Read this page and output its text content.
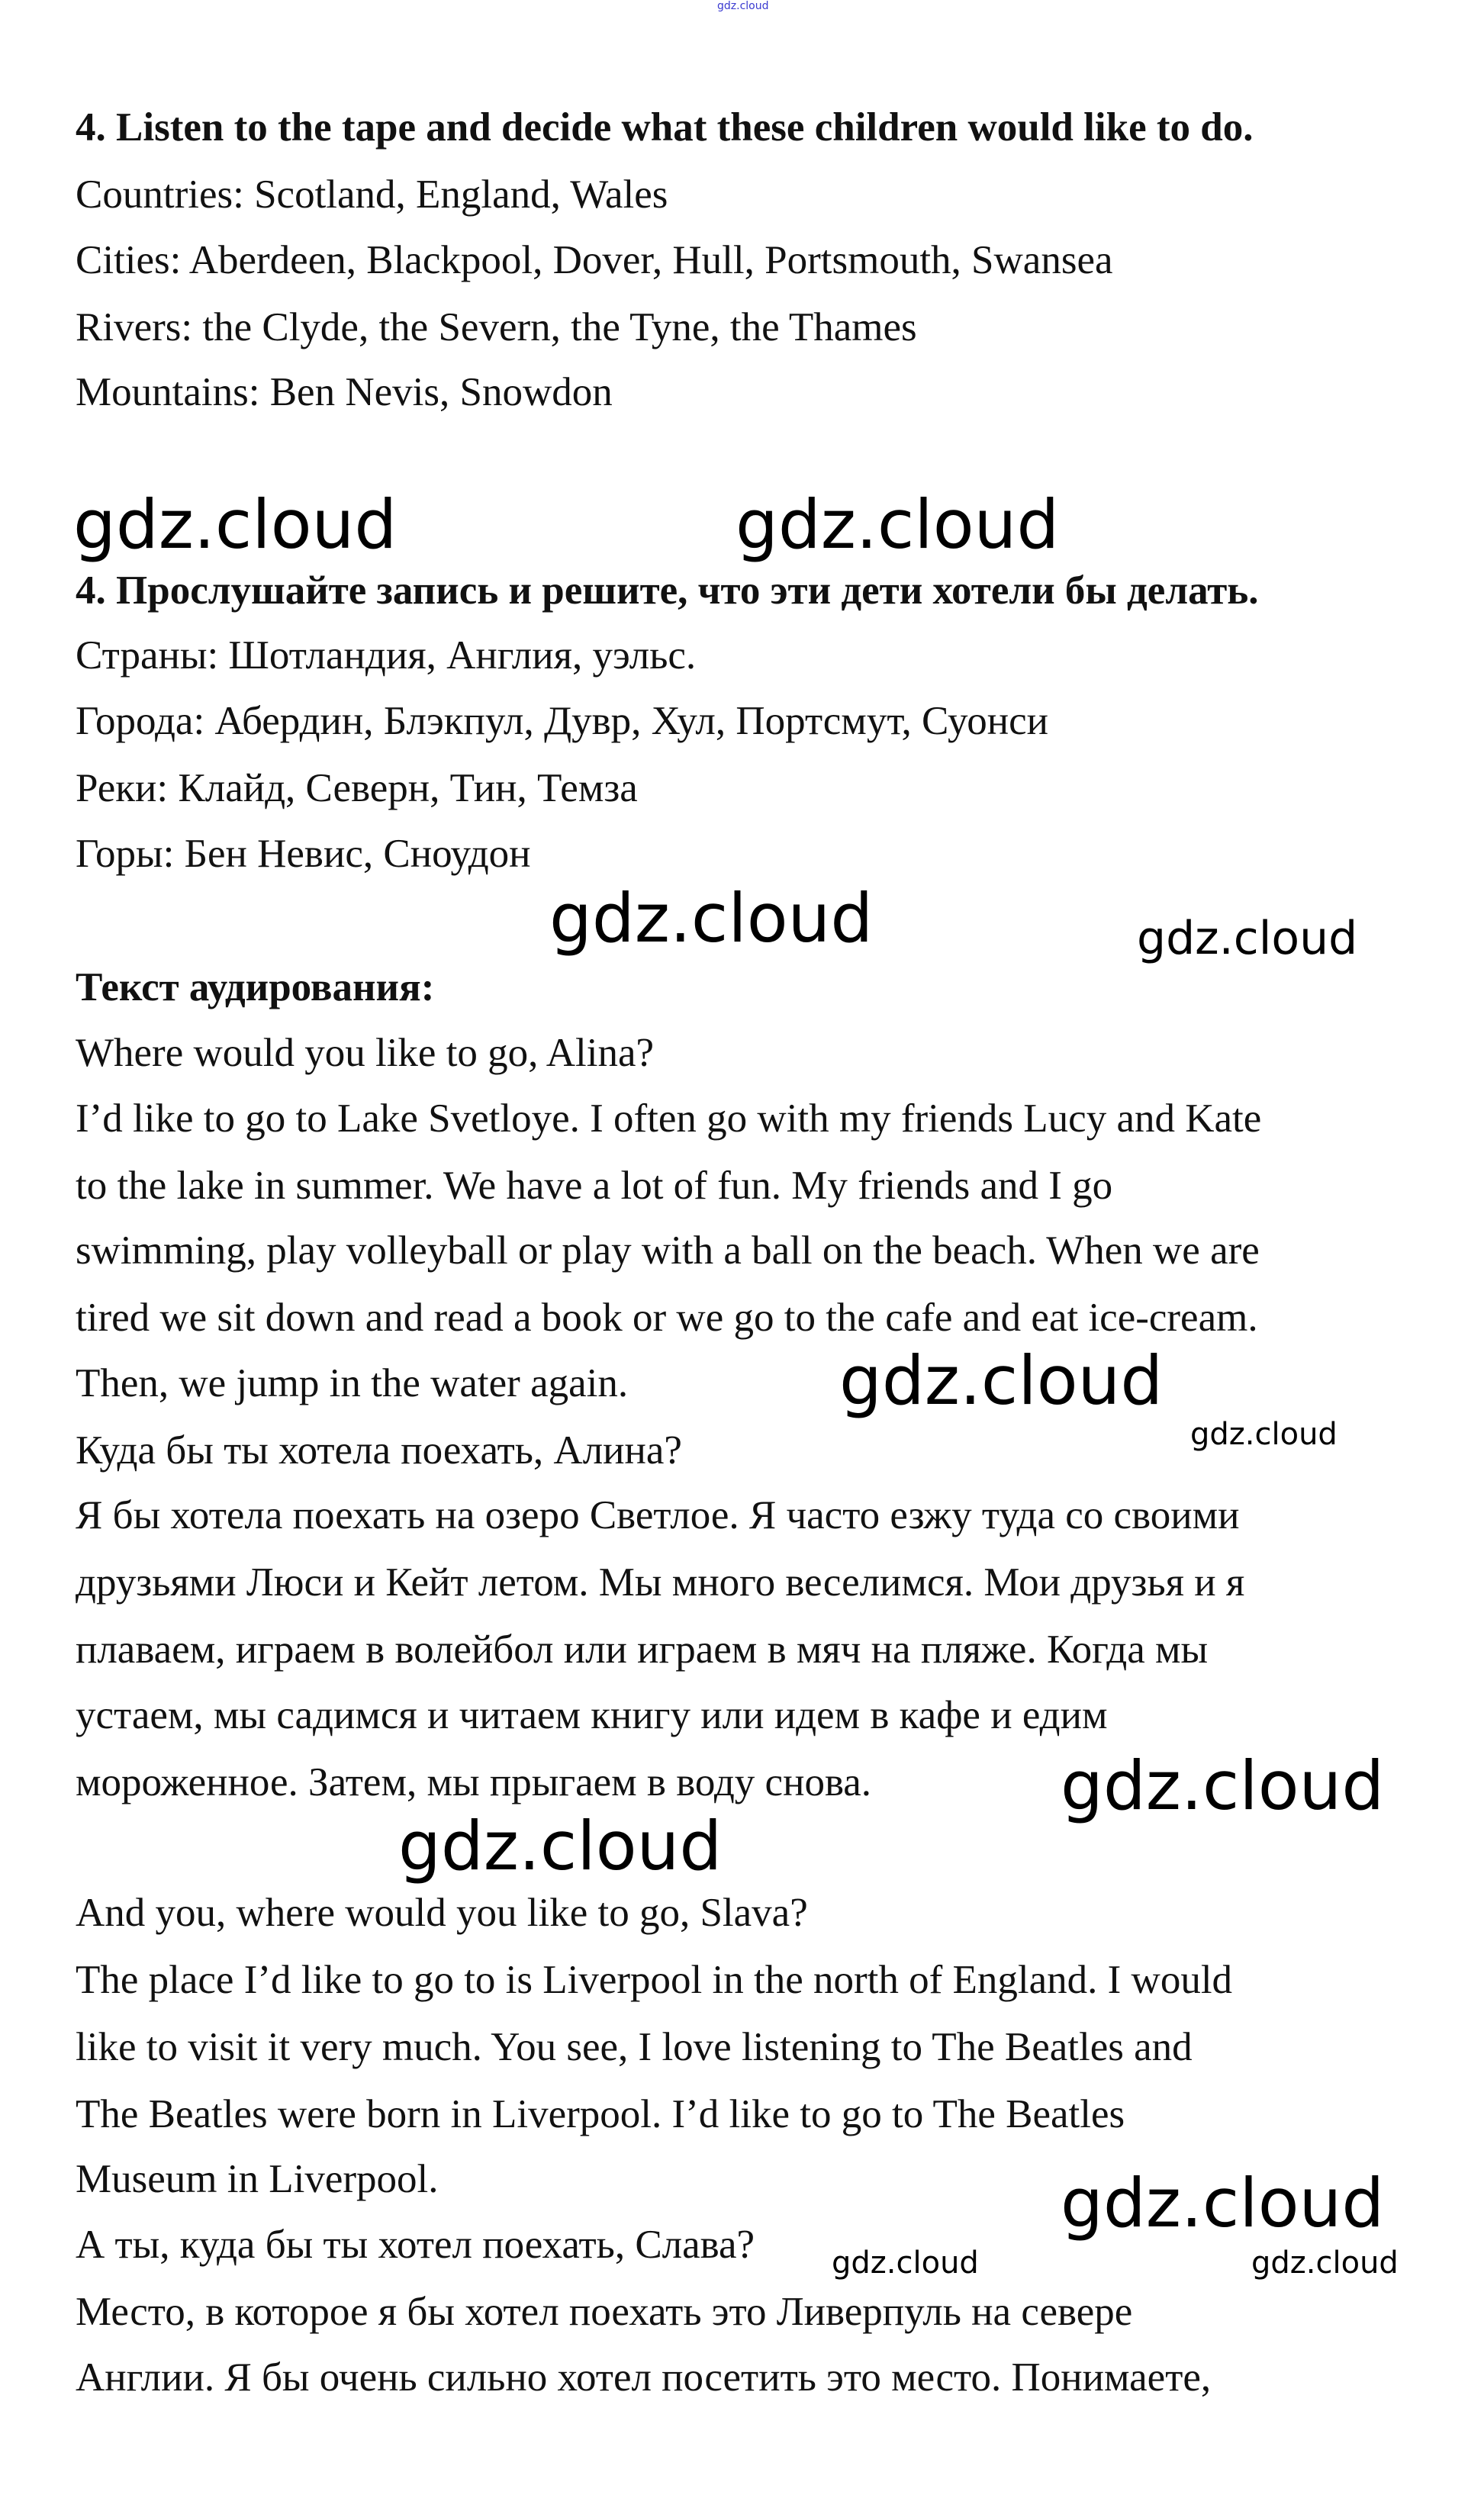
gdz.cloud
4. Listen to the tape and decide what these children would like to do.
Countries: Scotland, England, Wales
Cities: Aberdeen, Blackpool, Dover, Hull, Portsmouth, Swansea
Rivers: the Clyde, the Severn, the Tyne, the Thames
Mountains: Ben Nevis, Snowdon
gdz.cloud	gdz.cloud
4. Прослушайте запись и решите, что эти дети хотели бы делать.
Страны: Шотландия, Англия, уэльс.
Города: Абердин, Блэкпул, Дувр, Хул, Портсмут, Суонси
Реки: Клайд, Северн, Тин, Темза
Горы: Бен Невис, Сноудон
gdz.cloud	gdz.cloud
Текст аудирования:
Where would you like to go, Alina?
I’d like to go to Lake Svetloye. I often go with my friends Lucy and Kate
to the lake in summer. We have a lot of fun. My friends and I go
swimming, play volleyball or play with a ball on the beach. When we are
tired we sit down and read a book or we go to the cafe and eat ice-cream.
Then, we jump in the water again.	gdz.cloud
gdz.cloud
Куда бы ты хотела поехать, Алина?
Я бы хотела поехать на озеро Светлое. Я часто езжу туда со своими
друзьями Люси и Кейт летом. Мы много веселимся. Мои друзья и я
плаваем, играем в волейбол или играем в мяч на пляже. Когда мы
устаем, мы садимся и читаем книгу или идем в кафе и едим
мороженное. Затем, мы прыгаем в воду снова.	gdz.cloud
gdz.cloud
And you, where would you like to go, Slava?
The place I’d like to go to is Liverpool in the north of England. I would
like to visit it very much. You see, I love listening to The Beatles and
The Beatles were born in Liverpool. I’d like to go to The Beatles
Museum in Liverpool.	gdz.cloud
А ты, куда бы ты хотел поехать, Слава?	gdz.cloud	gdz.cloud
Место, в которое я бы хотел поехать это Ливерпуль на севере
Англии. Я бы очень сильно хотел посетить это место. Понимаете,
